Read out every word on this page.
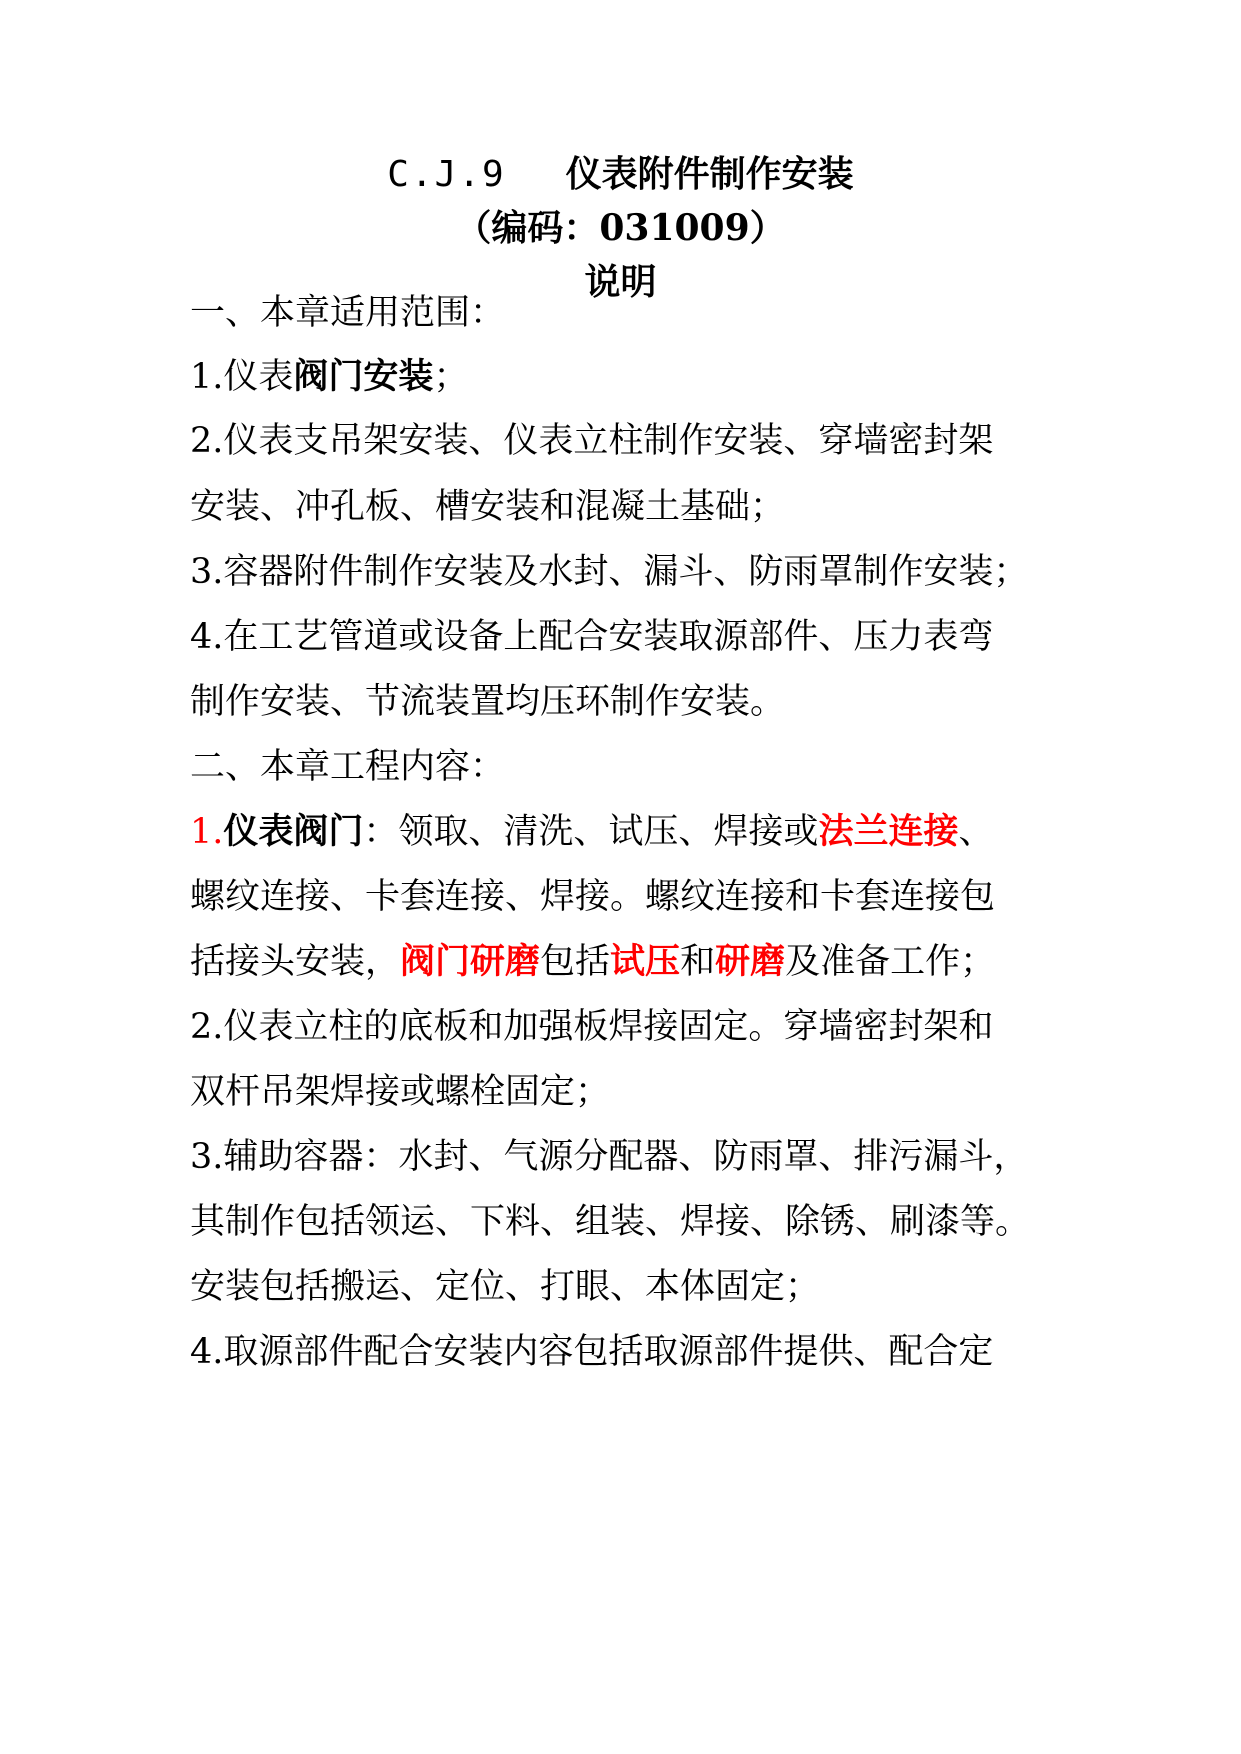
C.J.9 仪表附件制作安装
（编码：031009）
说明
一、本章适用范围：
1.仪表阀门安装；
2.仪表支吊架安装、仪表立柱制作安装、穿墙密封架
安装、冲孔板、槽安装和混凝土基础；
3.容器附件制作安装及水封、漏斗、防雨罩制作安装；
4.在工艺管道或设备上配合安装取源部件、压力表弯
制作安装、节流装置均压环制作安装。
二、本章工程内容：
1.仪表阀门：领取、清洗、试压、焊接或法兰连接、
螺纹连接、卡套连接、焊接。螺纹连接和卡套连接包
括接头安装，阀门研磨包括试压和研磨及准备工作；
2.仪表立柱的底板和加强板焊接固定。穿墙密封架和
双杆吊架焊接或螺栓固定；
3.辅助容器：水封、气源分配器、防雨罩、排污漏斗，
其制作包括领运、下料、组装、焊接、除锈、刷漆等。
安装包括搬运、定位、打眼、本体固定；
4.取源部件配合安装内容包括取源部件提供、配合定
